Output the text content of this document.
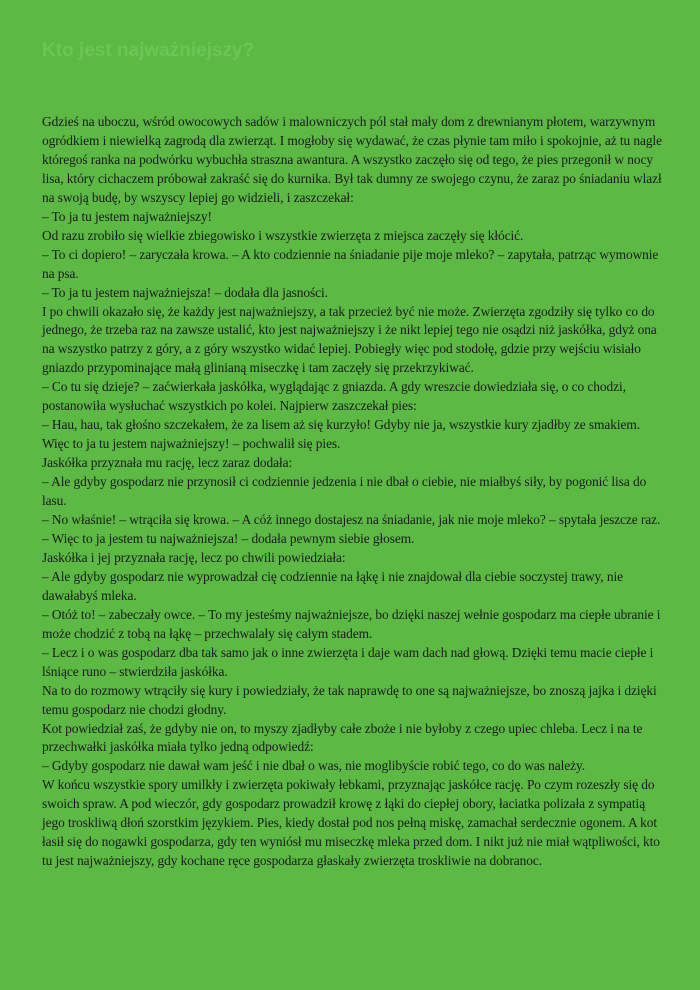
Kto jest najważniejszy?

Gdzieś na uboczu, wśród owocowych sadów i malowniczych pól stał mały dom z drewnianym płotem, warzywnym ogródkiem i niewielką zagrodą dla zwierząt. I mogłoby się wydawać, że czas płynie tam miło i spokojnie, aż tu nagle któregoś ranka na podwórku wybuchła straszna awantura. A wszystko zaczęło się od tego, że pies przegonił w nocy lisa, który cichaczem próbował zakraść się do kurnika. Był tak dumny ze swojego czynu, że zaraz po śniadaniu wlazł na swoją budę, by wszyscy lepiej go widzieli, i zaszczekał:

– To ja tu jestem najważniejszy!

Od razu zrobiło się wielkie zbiegowisko i wszystkie zwierzęta z miejsca zaczęły się kłócić.

– To ci dopiero! – zaryczała krowa. – A kto codziennie na śniadanie pije moje mleko? – zapytała, patrząc wymownie na psa.

– To ja tu jestem najważniejsza! – dodała dla jasności.

I po chwili okazało się, że każdy jest najważniejszy, a tak przecież być nie może. Zwierzęta zgodziły się tylko co do jednego, że trzeba raz na zawsze ustalić, kto jest najważniejszy i że nikt lepiej tego nie osądzi niż jaskółka, gdyż ona na wszystko patrzy z góry, a z góry wszystko widać lepiej. Pobiegły więc pod stodołę, gdzie przy wejściu wisiało gniazdo przypominające małą glinianą miseczkę i tam zaczęły się przekrzykiwać.

– Co tu się dzieje? – zaćwierkała jaskółka, wyglądając z gniazda. A gdy wreszcie dowiedziała się, o co chodzi, postanowiła wysłuchać wszystkich po kolei. Najpierw zaszczekał pies:

– Hau, hau, tak głośno szczekałem, że za lisem aż się kurzyło! Gdyby nie ja, wszystkie kury zjadłby ze smakiem.

Więc to ja tu jestem najważniejszy! – pochwalił się pies.

Jaskółka przyznała mu rację, lecz zaraz dodała:

– Ale gdyby gospodarz nie przynosił ci codziennie jedzenia i nie dbał o ciebie, nie miałbyś siły, by pogonić lisa do lasu.

– No właśnie! – wtrąciła się krowa. – A cóż innego dostajesz na śniadanie, jak nie moje mleko? – spytała jeszcze raz.

– Więc to ja jestem tu najważniejsza! – dodała pewnym siebie głosem.

Jaskółka i jej przyznała rację, lecz po chwili powiedziała:

– Ale gdyby gospodarz nie wyprowadzał cię codziennie na łąkę i nie znajdował dla ciebie soczystej trawy, nie dawałabyś mleka.

– Otóż to! – zabeczały owce. – To my jesteśmy najważniejsze, bo dzięki naszej wełnie gospodarz ma ciepłe ubranie i może chodzić z tobą na łąkę – przechwalały się całym stadem.

– Lecz i o was gospodarz dba tak samo jak o inne zwierzęta i daje wam dach nad głową. Dzięki temu macie ciepłe i lśniące runo – stwierdziła jaskółka.

Na to do rozmowy wtrąciły się kury i powiedziały, że tak naprawdę to one są najważniejsze, bo znoszą jajka i dzięki temu gospodarz nie chodzi głodny.

Kot powiedział zaś, że gdyby nie on, to myszy zjadłyby całe zboże i nie byłoby z czego upiec chleba. Lecz i na te przechwałki jaskółka miała tylko jedną odpowiedź:

– Gdyby gospodarz nie dawał wam jeść i nie dbał o was, nie moglibyście robić tego, co do was należy.

W końcu wszystkie spory umilkły i zwierzęta pokiwały łebkami, przyznając jaskółce rację. Po czym rozeszły się do swoich spraw. A pod wieczór, gdy gospodarz prowadził krowę z łąki do ciepłej obory, łaciatka polizała z sympatią jego troskliwą dłoń szorstkim językiem. Pies, kiedy dostał pod nos pełną miskę, zamachał serdecznie ogonem. A kot łasił się do nogawki gospodarza, gdy ten wyniósł mu miseczkę mleka przed dom. I nikt już nie miał wątpliwości, kto tu jest najważniejszy, gdy kochane ręce gospodarza głaskały zwierzęta troskliwie na dobranoc.
